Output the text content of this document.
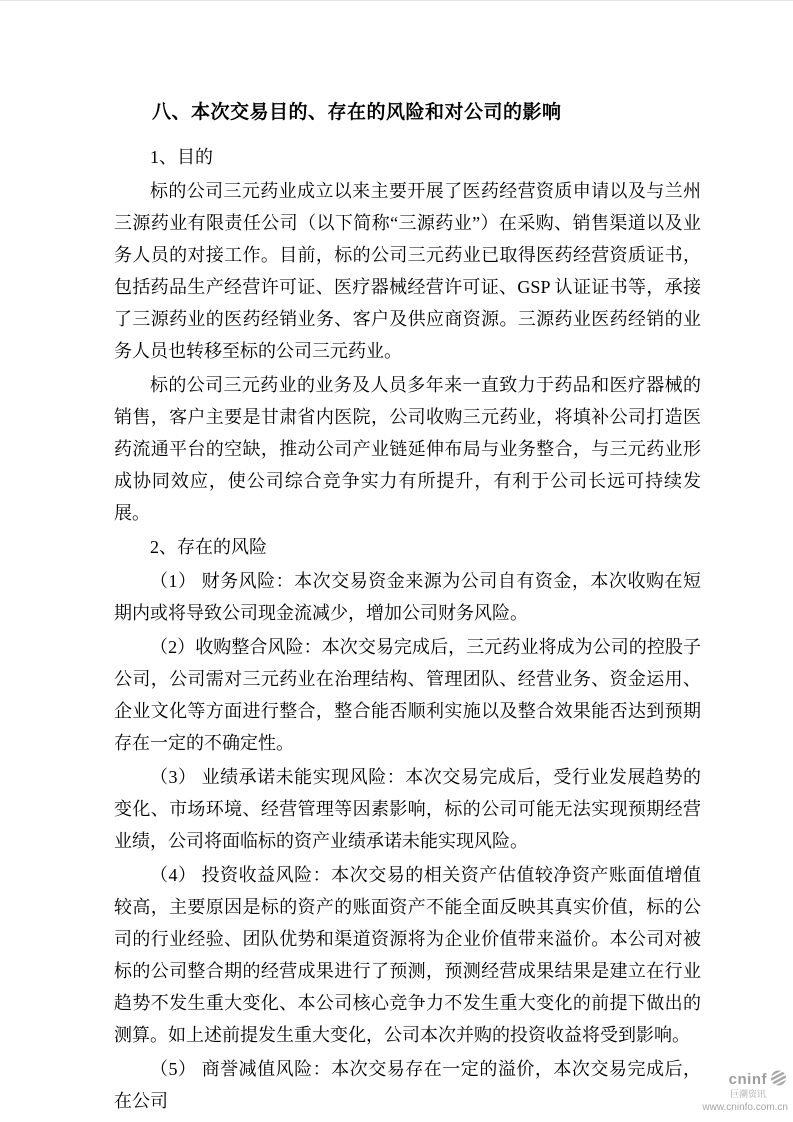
八、本次交易目的、存在的风险和对公司的影响

1、目的

标的公司三元药业成立以来主要开展了医药经营资质申请以及与兰州三源药业有限责任公司（以下简称“三源药业”）在采购、销售渠道以及业务人员的对接工作。目前，标的公司三元药业已取得医药经营资质证书，包括药品生产经营许可证、医疗器械经营许可证、GSP 认证证书等，承接了三源药业的医药经销业务、客户及供应商资源。三源药业医药经销的业务人员也转移至标的公司三元药业。

标的公司三元药业的业务及人员多年来一直致力于药品和医疗器械的销售，客户主要是甘肃省内医院，公司收购三元药业，将填补公司打造医药流通平台的空缺，推动公司产业链延伸布局与业务整合，与三元药业形成协同效应，使公司综合竞争实力有所提升，有利于公司长远可持续发展。

2、存在的风险

（1） 财务风险：本次交易资金来源为公司自有资金，本次收购在短期内或将导致公司现金流减少，增加公司财务风险。

（2）收购整合风险：本次交易完成后，三元药业将成为公司的控股子公司，公司需对三元药业在治理结构、管理团队、经营业务、资金运用、企业文化等方面进行整合，整合能否顺利实施以及整合效果能否达到预期存在一定的不确定性。

（3） 业绩承诺未能实现风险：本次交易完成后，受行业发展趋势的变化、市场环境、经营管理等因素影响，标的公司可能无法实现预期经营业绩，公司将面临标的资产业绩承诺未能实现风险。

（4） 投资收益风险：本次交易的相关资产估值较净资产账面值增值较高，主要原因是标的资产的账面资产不能全面反映其真实价值，标的公司的行业经验、团队优势和渠道资源将为企业价值带来溢价。本公司对被标的公司整合期的经营成果进行了预测，预测经营成果结果是建立在行业趋势不发生重大变化、本公司核心竞争力不发生重大变化的前提下做出的测算。如上述前提发生重大变化，公司本次并购的投资收益将受到影响。

（5） 商誉减值风险：本次交易存在一定的溢价，本次交易完成后，在公司

cninf
巨潮资讯
www.cninfo.com.cn
